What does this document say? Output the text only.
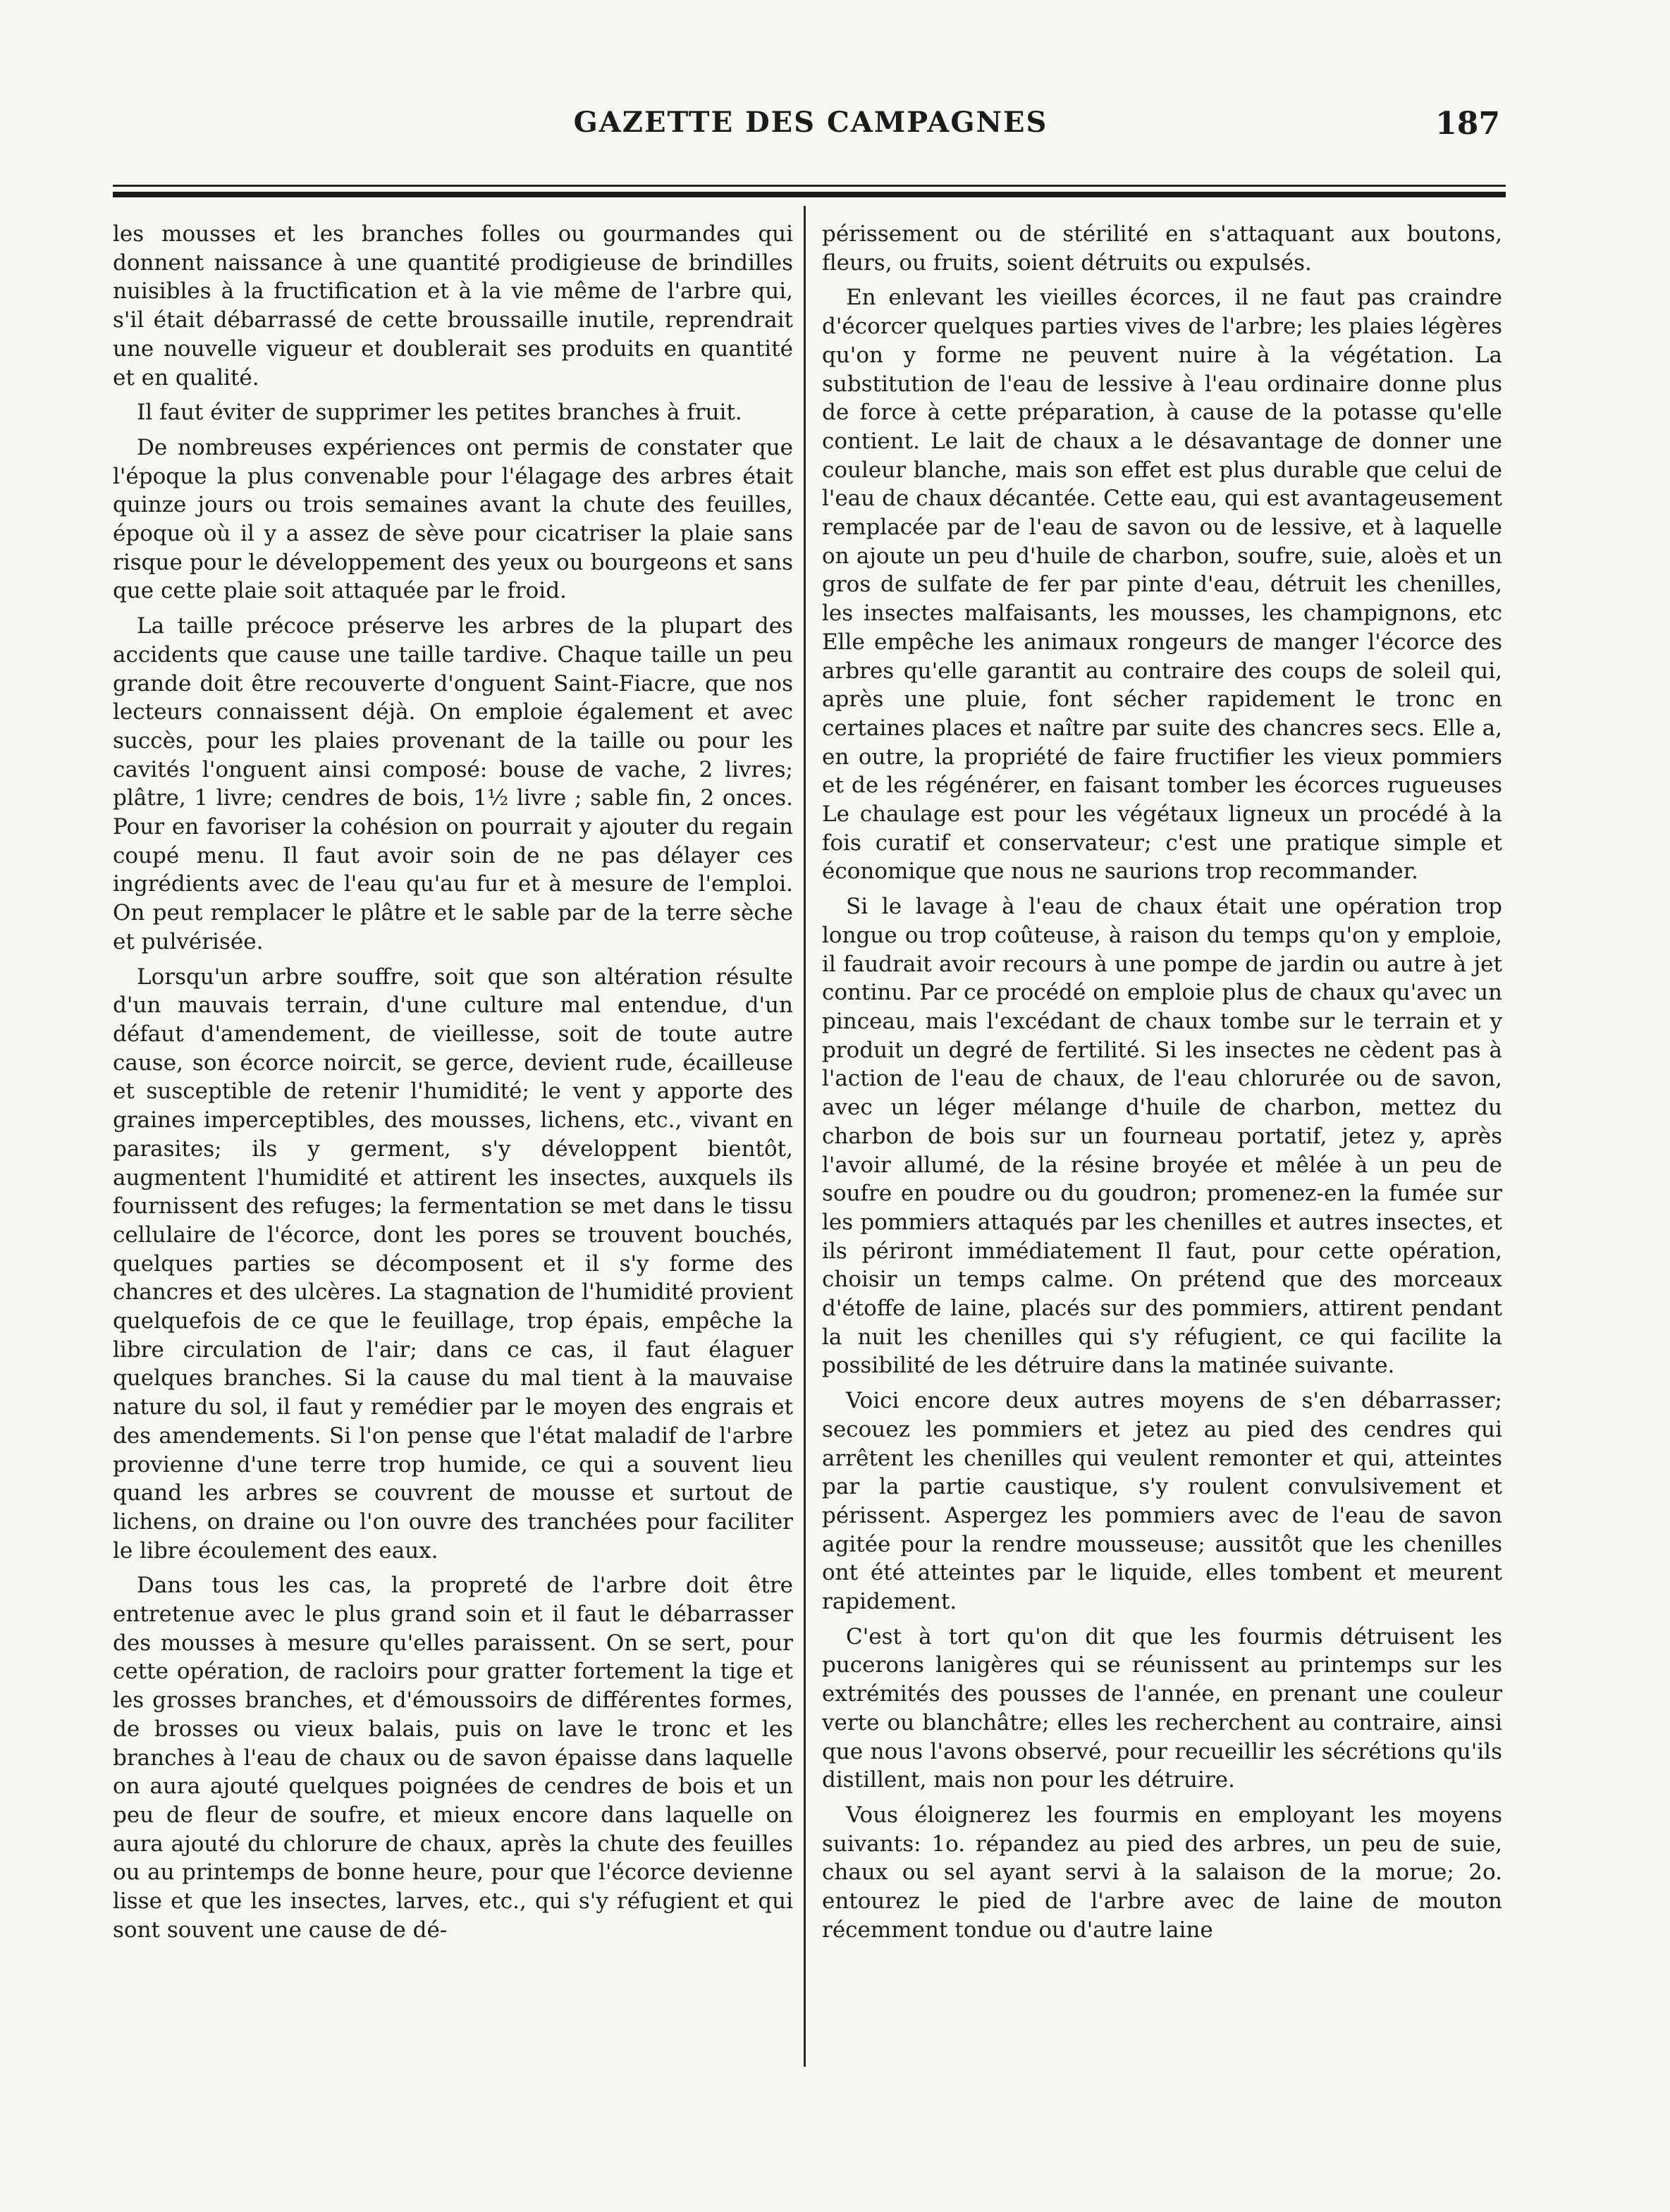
GAZETTE DES CAMPAGNES	187

les mousses et les branches folles ou gourmandes qui donnent naissance à une quantité prodigieuse de brindilles nuisibles à la fructification et à la vie même de l'arbre qui, s'il était débarrassé de cette broussaille inutile, reprendrait une nouvelle vigueur et doublerait ses produits en quantité et en qualité.

Il faut éviter de supprimer les petites branches à fruit.

De nombreuses expériences ont permis de constater que l'époque la plus convenable pour l'élagage des arbres était quinze jours ou trois semaines avant la chute des feuilles, époque où il y a assez de sève pour cicatriser la plaie sans risque pour le développement des yeux ou bourgeons et sans que cette plaie soit attaquée par le froid.

La taille précoce préserve les arbres de la plupart des accidents que cause une taille tardive. Chaque taille un peu grande doit être recouverte d'onguent Saint-Fiacre, que nos lecteurs connaissent déjà. On emploie également et avec succès, pour les plaies provenant de la taille ou pour les cavités l'onguent ainsi composé: bouse de vache, 2 livres; plâtre, 1 livre; cendres de bois, 1½ livre ; sable fin, 2 onces. Pour en favoriser la cohésion on pourrait y ajouter du regain coupé menu. Il faut avoir soin de ne pas délayer ces ingrédients avec de l'eau qu'au fur et à mesure de l'emploi. On peut remplacer le plâtre et le sable par de la terre sèche et pulvérisée.

Lorsqu'un arbre souffre, soit que son altération résulte d'un mauvais terrain, d'une culture mal entendue, d'un défaut d'amendement, de vieillesse, soit de toute autre cause, son écorce noircit, se gerce, devient rude, écailleuse et susceptible de retenir l'humidité; le vent y apporte des graines imperceptibles, des mousses, lichens, etc., vivant en parasites; ils y germent, s'y développent bientôt, augmentent l'humidité et attirent les insectes, auxquels ils fournissent des refuges; la fermentation se met dans le tissu cellulaire de l'écorce, dont les pores se trouvent bouchés, quelques parties se décomposent et il s'y forme des chancres et des ulcères. La stagnation de l'humidité provient quelquefois de ce que le feuillage, trop épais, empêche la libre circulation de l'air; dans ce cas, il faut élaguer quelques branches. Si la cause du mal tient à la mauvaise nature du sol, il faut y remédier par le moyen des engrais et des amendements. Si l'on pense que l'état maladif de l'arbre provienne d'une terre trop humide, ce qui a souvent lieu quand les arbres se couvrent de mousse et surtout de lichens, on draine ou l'on ouvre des tranchées pour faciliter le libre écoulement des eaux.

Dans tous les cas, la propreté de l'arbre doit être entretenue avec le plus grand soin et il faut le débarrasser des mousses à mesure qu'elles paraissent. On se sert, pour cette opération, de racloirs pour gratter fortement la tige et les grosses branches, et d'émoussoirs de différentes formes, de brosses ou vieux balais, puis on lave le tronc et les branches à l'eau de chaux ou de savon épaisse dans laquelle on aura ajouté quelques poignées de cendres de bois et un peu de fleur de soufre, et mieux encore dans laquelle on aura ajouté du chlorure de chaux, après la chute des feuilles ou au printemps de bonne heure, pour que l'écorce devienne lisse et que les insectes, larves, etc., qui s'y réfugient et qui sont souvent une cause de dé-

périssement ou de stérilité en s'attaquant aux boutons, fleurs, ou fruits, soient détruits ou expulsés.

En enlevant les vieilles écorces, il ne faut pas craindre d'écorcer quelques parties vives de l'arbre; les plaies légères qu'on y forme ne peuvent nuire à la végétation. La substitution de l'eau de lessive à l'eau ordinaire donne plus de force à cette préparation, à cause de la potasse qu'elle contient. Le lait de chaux a le désavantage de donner une couleur blanche, mais son effet est plus durable que celui de l'eau de chaux décantée. Cette eau, qui est avantageusement remplacée par de l'eau de savon ou de lessive, et à laquelle on ajoute un peu d'huile de charbon, soufre, suie, aloès et un gros de sulfate de fer par pinte d'eau, détruit les chenilles, les insectes malfaisants, les mousses, les champignons, etc Elle empêche les animaux rongeurs de manger l'écorce des arbres qu'elle garantit au contraire des coups de soleil qui, après une pluie, font sécher rapidement le tronc en certaines places et naître par suite des chancres secs. Elle a, en outre, la propriété de faire fructifier les vieux pommiers et de les régénérer, en faisant tomber les écorces rugueuses Le chaulage est pour les végétaux ligneux un procédé à la fois curatif et conservateur; c'est une pratique simple et économique que nous ne saurions trop recommander.

Si le lavage à l'eau de chaux était une opération trop longue ou trop coûteuse, à raison du temps qu'on y emploie, il faudrait avoir recours à une pompe de jardin ou autre à jet continu. Par ce procédé on emploie plus de chaux qu'avec un pinceau, mais l'excédant de chaux tombe sur le terrain et y produit un degré de fertilité. Si les insectes ne cèdent pas à l'action de l'eau de chaux, de l'eau chlorurée ou de savon, avec un léger mélange d'huile de charbon, mettez du charbon de bois sur un fourneau portatif, jetez y, après l'avoir allumé, de la résine broyée et mêlée à un peu de soufre en poudre ou du goudron; promenez-en la fumée sur les pommiers attaqués par les chenilles et autres insectes, et ils périront immédiatement Il faut, pour cette opération, choisir un temps calme. On prétend que des morceaux d'étoffe de laine, placés sur des pommiers, attirent pendant la nuit les chenilles qui s'y réfugient, ce qui facilite la possibilité de les détruire dans la matinée suivante.

Voici encore deux autres moyens de s'en débarrasser; secouez les pommiers et jetez au pied des cendres qui arrêtent les chenilles qui veulent remonter et qui, atteintes par la partie caustique, s'y roulent convulsivement et périssent. Aspergez les pommiers avec de l'eau de savon agitée pour la rendre mousseuse; aussitôt que les chenilles ont été atteintes par le liquide, elles tombent et meurent rapidement.

C'est à tort qu'on dit que les fourmis détruisent les pucerons lanigères qui se réunissent au printemps sur les extrémités des pousses de l'année, en prenant une couleur verte ou blanchâtre; elles les recherchent au contraire, ainsi que nous l'avons observé, pour recueillir les sécrétions qu'ils distillent, mais non pour les détruire.

Vous éloignerez les fourmis en employant les moyens suivants: 1o. répandez au pied des arbres, un peu de suie, chaux ou sel ayant servi à la salaison de la morue; 2o. entourez le pied de l'arbre avec de laine de mouton récemment tondue ou d'autre laine
